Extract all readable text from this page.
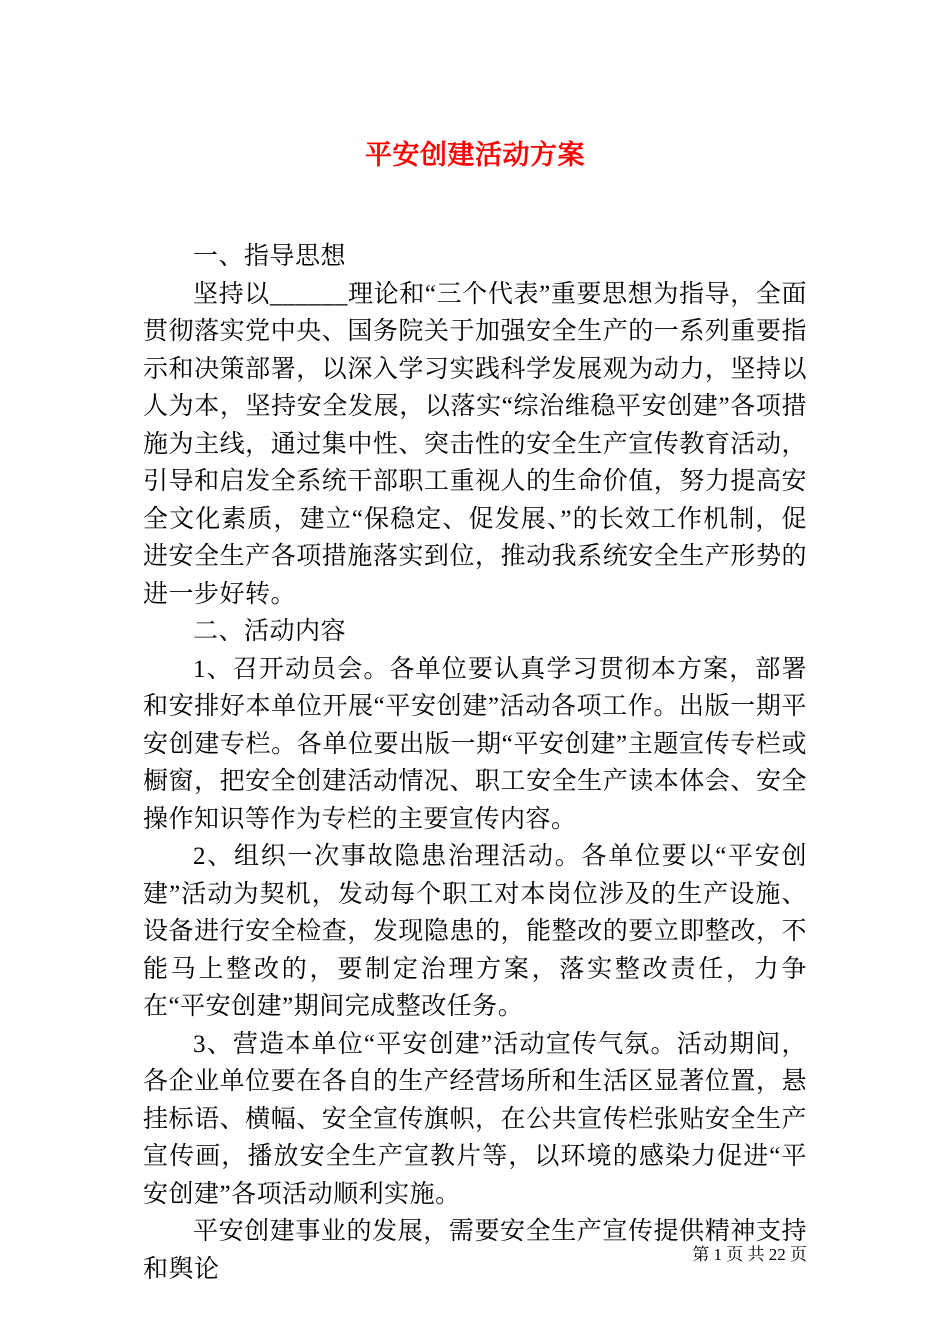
平安创建活动方案

一、指导思想

坚持以______理论和“三个代表”重要思想为指导，全面贯彻落实党中央、国务院关于加强安全生产的一系列重要指示和决策部署，以深入学习实践科学发展观为动力，坚持以人为本，坚持安全发展，以落实“综治维稳平安创建”各项措施为主线，通过集中性、突击性的安全生产宣传教育活动，引导和启发全系统干部职工重视人的生命价值，努力提高安全文化素质，建立“保稳定、促发展、”的长效工作机制，促进安全生产各项措施落实到位，推动我系统安全生产形势的进一步好转。

二、活动内容

1、召开动员会。各单位要认真学习贯彻本方案，部署和安排好本单位开展“平安创建”活动各项工作。出版一期平安创建专栏。各单位要出版一期“平安创建”主题宣传专栏或橱窗，把安全创建活动情况、职工安全生产读本体会、安全操作知识等作为专栏的主要宣传内容。

2、组织一次事故隐患治理活动。各单位要以“平安创建”活动为契机，发动每个职工对本岗位涉及的生产设施、设备进行安全检查，发现隐患的，能整改的要立即整改，不能马上整改的，要制定治理方案，落实整改责任，力争在“平安创建”期间完成整改任务。

3、营造本单位“平安创建”活动宣传气氛。活动期间，各企业单位要在各自的生产经营场所和生活区显著位置，悬挂标语、横幅、安全宣传旗帜，在公共宣传栏张贴安全生产宣传画，播放安全生产宣教片等，以环境的感染力促进“平安创建”各项活动顺利实施。

平安创建事业的发展，需要安全生产宣传提供精神支持和舆论

第 1 页 共 22 页
